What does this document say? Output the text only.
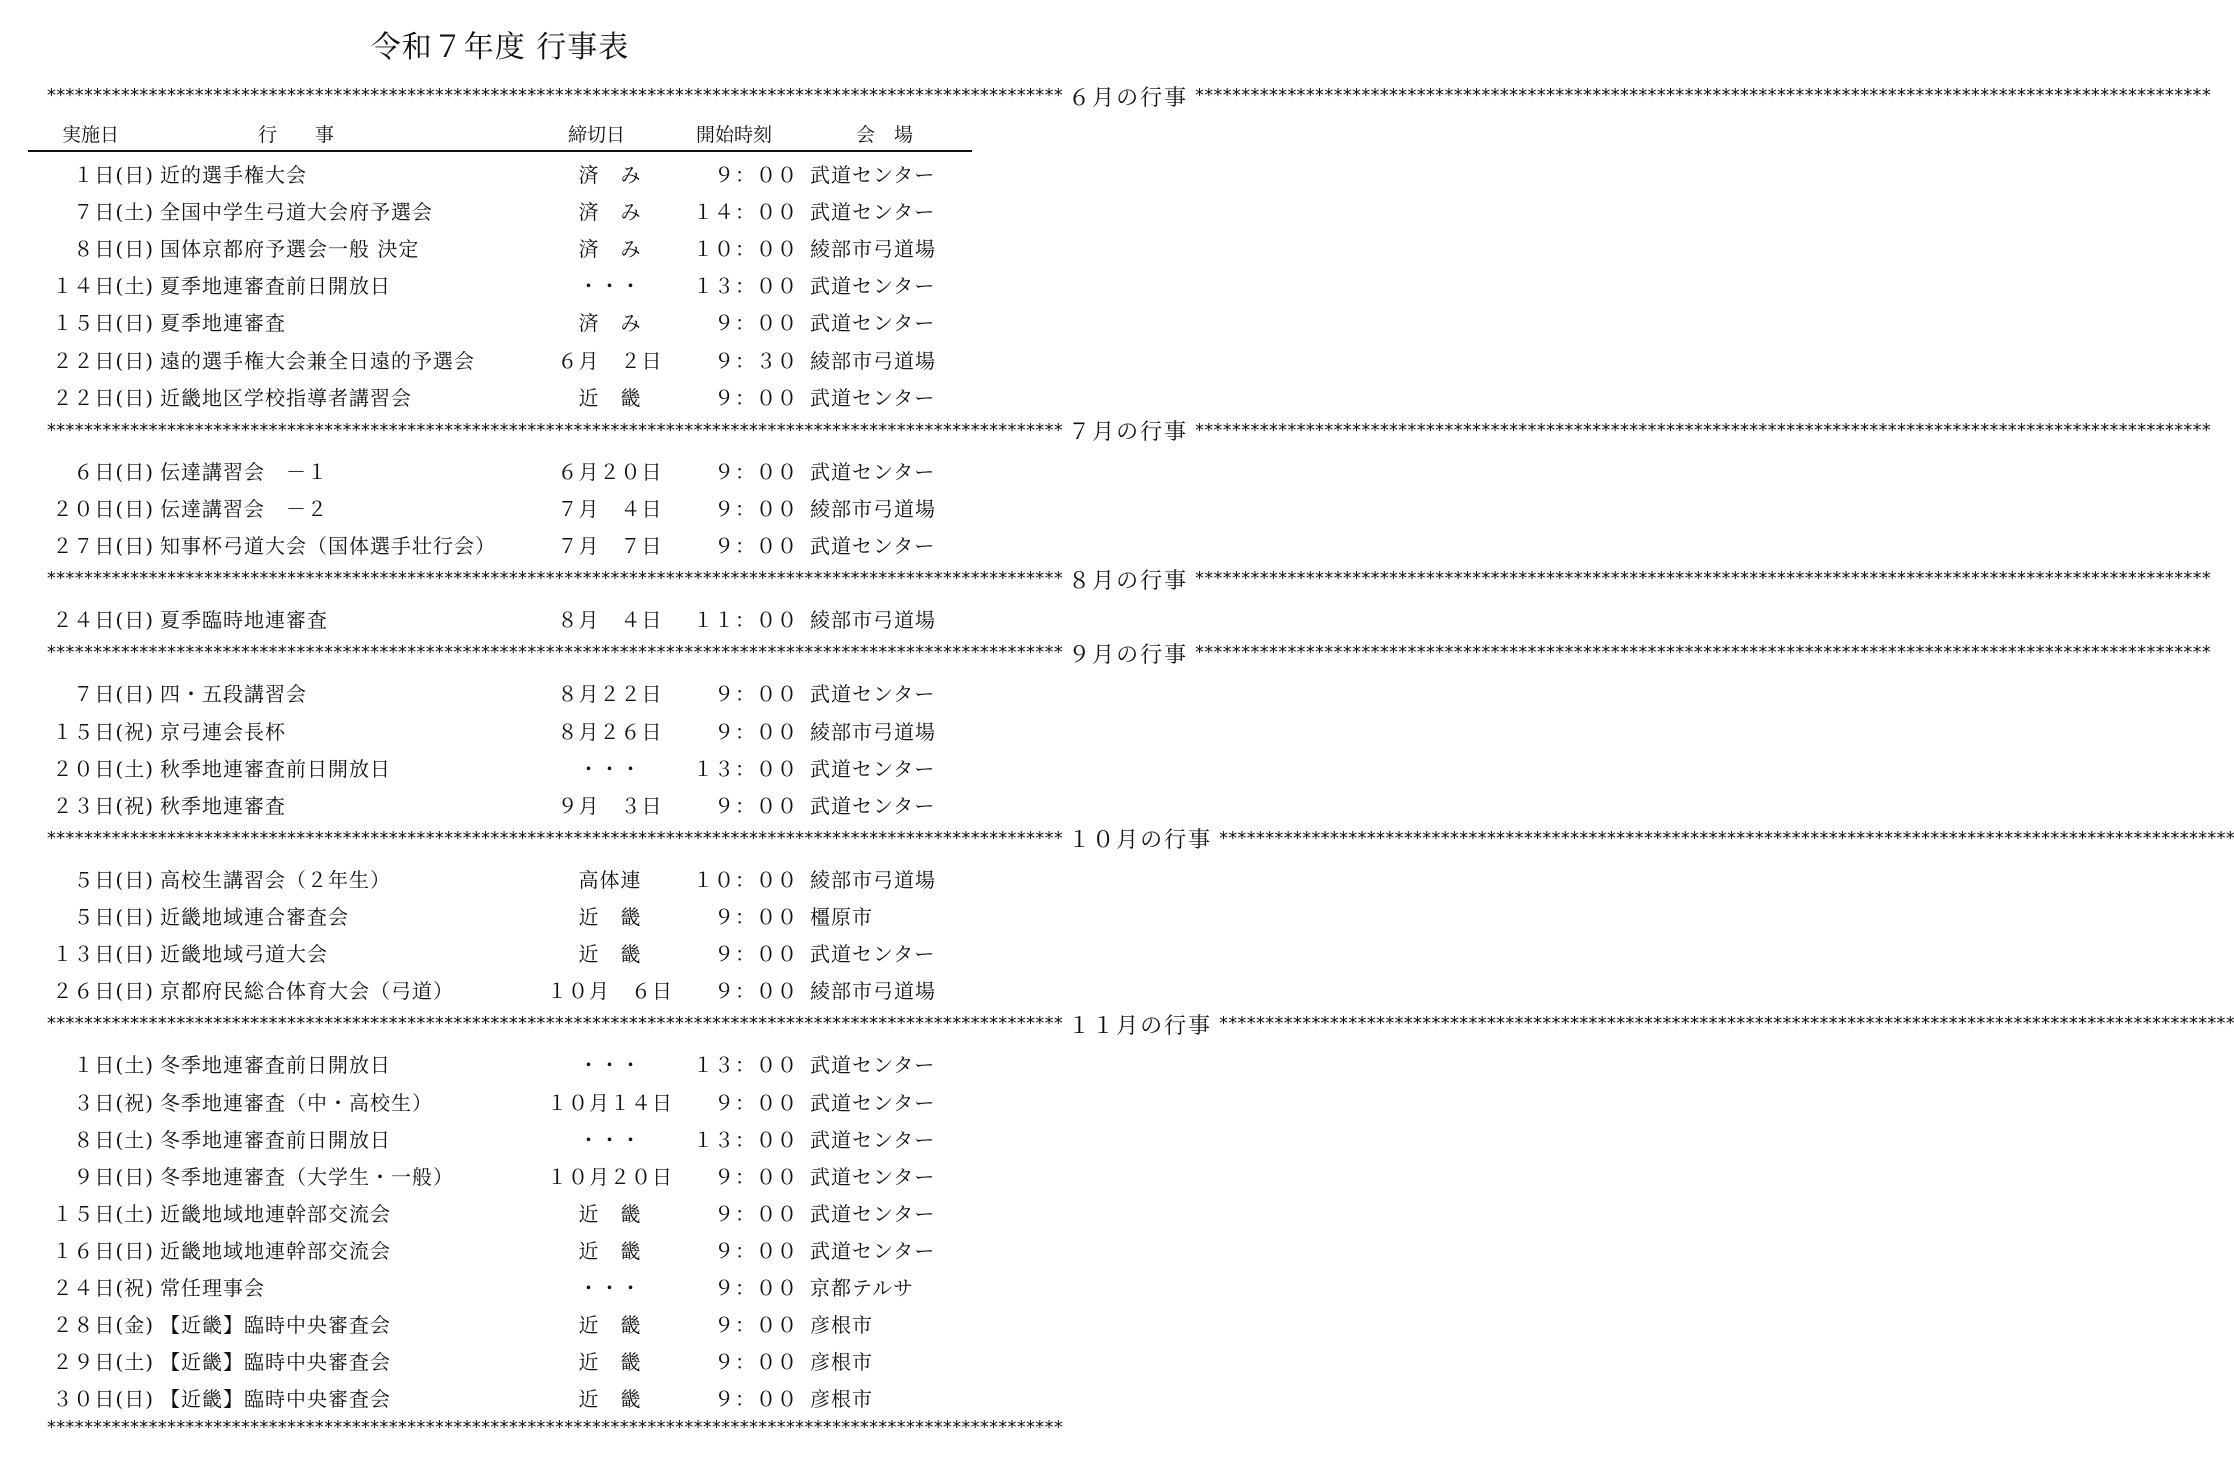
令和７年度 行事表
実施日	行　　事	締切日	開始時刻	会　場
************************************************************************************************************** ６月の行事 **************************************************************************************************************
１日(日) 近的選手権大会	済　み	９：００ 武道センター
７日(土) 全国中学生弓道大会府予選会	済　み	１４：００ 武道センター
８日(日) 国体京都府予選会一般 決定	済　み	１０：００ 綾部市弓道場
１４日(土) 夏季地連審査前日開放日	・・・	１３：００ 武道センター
１５日(日) 夏季地連審査	済　み	９：００ 武道センター
２２日(日) 遠的選手権大会兼全日遠的予選会	６月　２日	９：３０ 綾部市弓道場
２２日(日) 近畿地区学校指導者講習会	近　畿	９：００ 武道センター
************************************************************************************************************** ７月の行事 **************************************************************************************************************
６日(日) 伝達講習会　－１	６月２０日	９：００ 武道センター
２０日(日) 伝達講習会　－２	７月　４日	９：００ 綾部市弓道場
２７日(日) 知事杯弓道大会（国体選手壮行会）	７月　７日	９：００ 武道センター
************************************************************************************************************** ８月の行事 **************************************************************************************************************
２４日(日) 夏季臨時地連審査	８月　４日	１１：００ 綾部市弓道場
************************************************************************************************************** ９月の行事 **************************************************************************************************************
７日(日) 四・五段講習会	８月２２日	９：００ 武道センター
１５日(祝) 京弓連会長杯	８月２６日	９：００ 綾部市弓道場
２０日(土) 秋季地連審査前日開放日	・・・	１３：００ 武道センター
２３日(祝) 秋季地連審査	９月　３日	９：００ 武道センター
************************************************************************************************************** １０月の行事 **************************************************************************************************************
５日(日) 高校生講習会（２年生）	高体連	１０：００ 綾部市弓道場
５日(日) 近畿地域連合審査会	近　畿	９：００ 橿原市
１３日(日) 近畿地域弓道大会	近　畿	９：００ 武道センター
２６日(日) 京都府民総合体育大会（弓道）	１０月　６日	９：００ 綾部市弓道場
************************************************************************************************************** １１月の行事 **************************************************************************************************************
１日(土) 冬季地連審査前日開放日	・・・	１３：００ 武道センター
３日(祝) 冬季地連審査（中・高校生）	１０月１４日	９：００ 武道センター
８日(土) 冬季地連審査前日開放日	・・・	１３：００ 武道センター
９日(日) 冬季地連審査（大学生・一般）	１０月２０日	９：００ 武道センター
１５日(土) 近畿地域地連幹部交流会	近　畿	９：００ 武道センター
１６日(日) 近畿地域地連幹部交流会	近　畿	９：００ 武道センター
２４日(祝) 常任理事会	・・・	９：００ 京都テルサ
２８日(金) 【近畿】臨時中央審査会	近　畿	９：００ 彦根市
２９日(土) 【近畿】臨時中央審査会	近　畿	９：００ 彦根市
３０日(日) 【近畿】臨時中央審査会	近　畿	９：００ 彦根市
**************************************************************************************************************
